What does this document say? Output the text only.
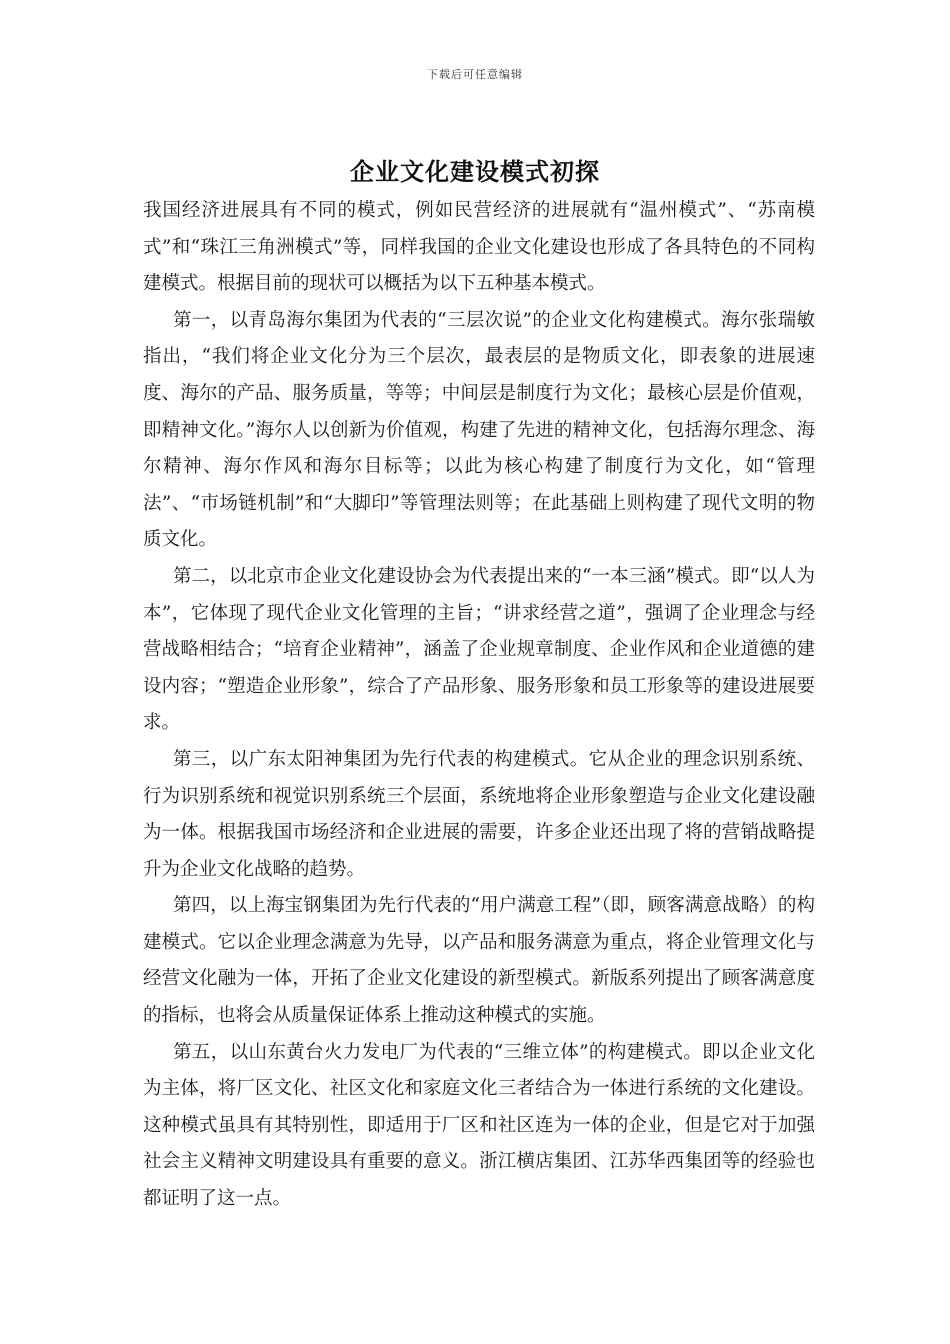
下载后可任意编辑
企业文化建设模式初探

我国经济进展具有不同的模式，例如民营经济的进展就有“温州模式”、“苏南模式”和“珠江三角洲模式”等，同样我国的企业文化建设也形成了各具特色的不同构建模式。根据目前的现状可以概括为以下五种基本模式。

第一，以青岛海尔集团为代表的“三层次说”的企业文化构建模式。海尔张瑞敏指出，“我们将企业文化分为三个层次，最表层的是物质文化，即表象的进展速度、海尔的产品、服务质量，等等；中间层是制度行为文化；最核心层是价值观，即精神文化。”海尔人以创新为价值观，构建了先进的精神文化，包括海尔理念、海尔精神、海尔作风和海尔目标等；以此为核心构建了制度行为文化，如“管理法”、“市场链机制”和“大脚印”等管理法则等；在此基础上则构建了现代文明的物质文化。

第二，以北京市企业文化建设协会为代表提出来的“一本三涵”模式。即“以人为本”，它体现了现代企业文化管理的主旨；“讲求经营之道”，强调了企业理念与经营战略相结合；“培育企业精神”，涵盖了企业规章制度、企业作风和企业道德的建设内容；“塑造企业形象”，综合了产品形象、服务形象和员工形象等的建设进展要求。

第三，以广东太阳神集团为先行代表的构建模式。它从企业的理念识别系统、行为识别系统和视觉识别系统三个层面，系统地将企业形象塑造与企业文化建设融为一体。根据我国市场经济和企业进展的需要，许多企业还出现了将的营销战略提升为企业文化战略的趋势。

第四，以上海宝钢集团为先行代表的“用户满意工程”（即，顾客满意战略）的构建模式。它以企业理念满意为先导，以产品和服务满意为重点，将企业管理文化与经营文化融为一体，开拓了企业文化建设的新型模式。新版系列提出了顾客满意度的指标，也将会从质量保证体系上推动这种模式的实施。

第五，以山东黄台火力发电厂为代表的“三维立体”的构建模式。即以企业文化为主体，将厂区文化、社区文化和家庭文化三者结合为一体进行系统的文化建设。这种模式虽具有其特别性，即适用于厂区和社区连为一体的企业，但是它对于加强社会主义精神文明建设具有重要的意义。浙江横店集团、江苏华西集团等的经验也都证明了这一点。
